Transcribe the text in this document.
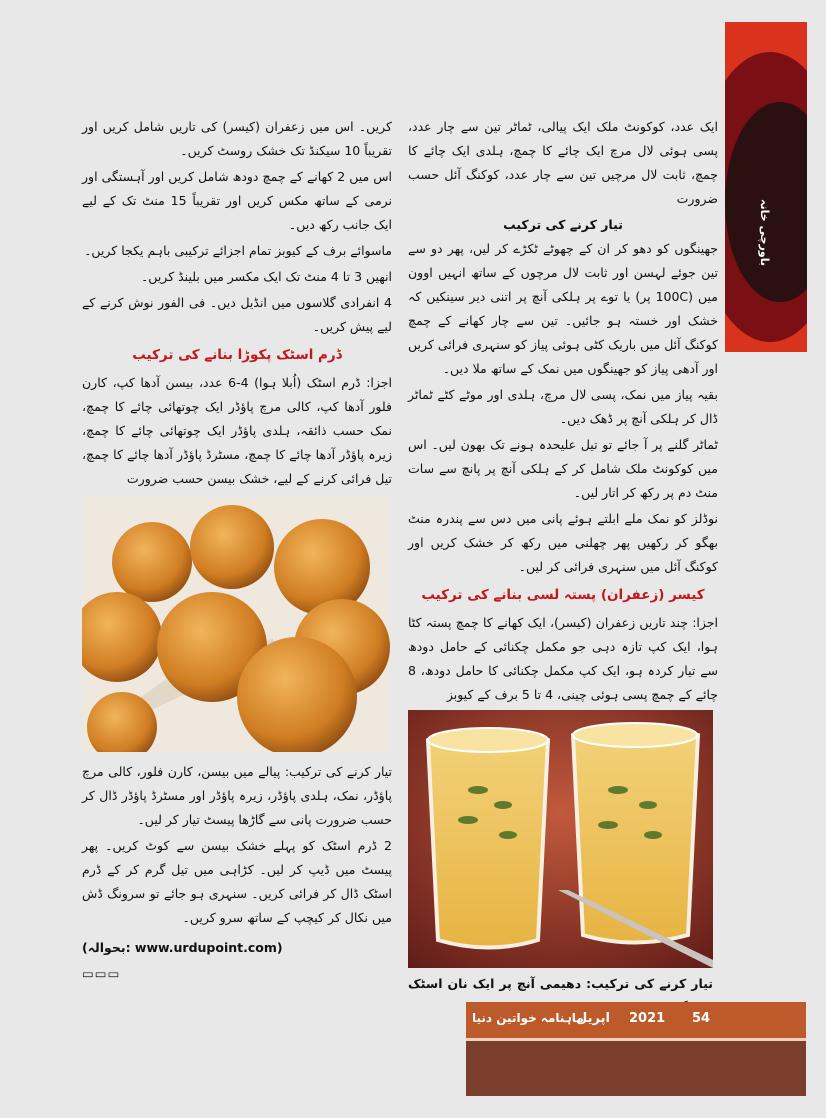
باورچی خانہ

ایک عدد، کوکونٹ ملک ایک پیالی، ٹماٹر تین سے چار عدد، پسی ہوئی لال مرچ ایک چائے کا چمچ، ہلدی ایک چائے کا چمچ، ثابت لال مرچیں تین سے چار عدد، کوکنگ آئل حسب ضرورت

تیار کرنے کی ترکیب

جھینگوں کو دھو کر ان کے چھوٹے ٹکڑے کر لیں، پھر دو سے تین جوئے لہسن اور ثابت لال مرچوں کے ساتھ انہیں اوون میں (100C پر) یا توے پر ہلکی آنچ پر اتنی دیر سینکیں کہ خشک اور خستہ ہو جائیں۔ تین سے چار کھانے کے چمچ کوکنگ آئل میں باریک کٹی ہوئی پیاز کو سنہری فرائی کریں اور آدھی پیاز کو جھینگوں میں نمک کے ساتھ ملا دیں۔

بقیہ پیاز میں نمک، پسی لال مرچ، ہلدی اور موٹے کٹے ٹماٹر ڈال کر ہلکی آنچ پر ڈھک دیں۔

ٹماٹر گلنے پر آ جائے تو تیل علیحدہ ہونے تک بھون لیں۔ اس میں کوکونٹ ملک شامل کر کے ہلکی آنچ پر پانچ سے سات منٹ دم پر رکھ کر اتار لیں۔

نوڈلز کو نمک ملے ابلتے ہوئے پانی میں دس سے پندرہ منٹ بھگو کر رکھیں پھر چھلنی میں رکھ کر خشک کریں اور کوکنگ آئل میں سنہری فرائی کر لیں۔

کیسر (زعفران) پستہ لسی بنانے کی ترکیب

اجزا: چند تاریں زعفران (کیسر)، ایک کھانے کا چمچ پستہ کٹا ہوا، ایک کپ تازہ دہی جو مکمل چکنائی کے حامل دودھ سے تیار کردہ ہو، ایک کپ مکمل چکنائی کا حامل دودھ، 8 چائے کے چمچ پسی ہوئی چینی، 4 تا 5 برف کے کیوبز

تیار کرنے کی ترکیب: دھیمی آنچ پر ایک نان اسٹک

کریں۔ اس میں زعفران (کیسر) کی تاریں شامل کریں اور تقریباً 10 سیکنڈ تک خشک روسٹ کریں۔

اس میں 2 کھانے کے چمچ دودھ شامل کریں اور آہستگی اور نرمی کے ساتھ مکس کریں اور تقریباً 15 منٹ تک کے لیے ایک جانب رکھ دیں۔

ماسوائے برف کے کیوبز تمام اجزائے ترکیبی باہم یکجا کریں۔

انھیں 3 تا 4 منٹ تک ایک مکسر میں بلینڈ کریں۔

4 انفرادی گلاسوں میں انڈیل دیں۔ فی الفور نوش کرنے کے لیے پیش کریں۔

ڈرم اسٹک پکوڑا بنانے کی ترکیب

اجزا: ڈرم اسٹک (اُبلا ہوا) 4-6 عدد، بیسن آدھا کپ، کارن فلور آدھا کپ، کالی مرچ پاؤڈر ایک چوتھائی چائے کا چمچ، نمک حسب ذائقہ، ہلدی پاؤڈر ایک چوتھائی چائے کا چمچ، زیرہ پاؤڈر آدھا چائے کا چمچ، مسٹرڈ پاؤڈر آدھا چائے کا چمچ، تیل فرائی کرنے کے لیے، خشک بیسن حسب ضرورت

تیار کرنے کی ترکیب: پیالے میں بیسن، کارن فلور، کالی مرچ پاؤڈر، نمک، ہلدی پاؤڈر، زیرہ پاؤڈر اور مسٹرڈ پاؤڈر ڈال کر حسب ضرورت پانی سے گاڑھا پیسٹ تیار کر لیں۔

2 ڈرم اسٹک کو پہلے خشک بیسن سے کوٹ کریں۔ پھر پیسٹ میں ڈیپ کر لیں۔ کڑاہی میں تیل گرم کر کے ڈرم اسٹک ڈال کر فرائی کریں۔ سنہری ہو جائے تو سرونگ ڈش میں نکال کر کیچپ کے ساتھ سرو کریں۔

(بحوالہ: www.urdupoint.com)

▭▭▭

54
2021
اپریل
ماہنامہ خواتین دنیا
